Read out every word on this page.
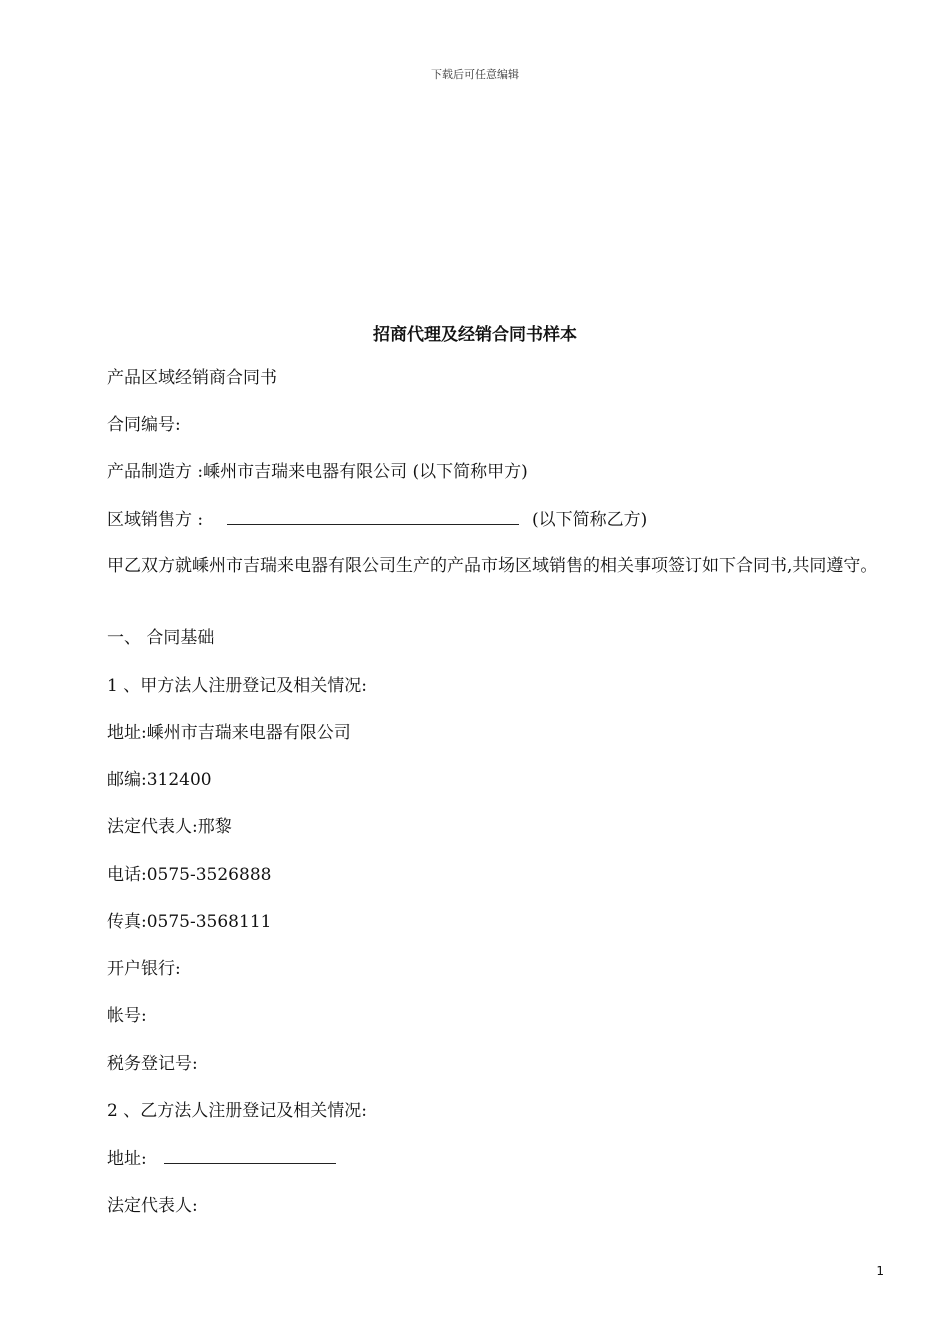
下载后可任意编辑
招商代理及经销合同书样本
产品区域经销商合同书
合同编号:
产品制造方 :嵊州市吉瑞来电器有限公司 (以下简称甲方)
区域销售方 :	(以下简称乙方)
甲乙双方就嵊州市吉瑞来电器有限公司生产的产品市场区域销售的相关事项签订如下合同书,共同遵守。
一、 合同基础
1 、甲方法人注册登记及相关情况:
地址:嵊州市吉瑞来电器有限公司
邮编:312400
法定代表人:邢黎
电话:0575-3526888
传真:0575-3568111
开户银行:
帐号:
税务登记号:
2 、乙方法人注册登记及相关情况:
地址:
法定代表人:
1
